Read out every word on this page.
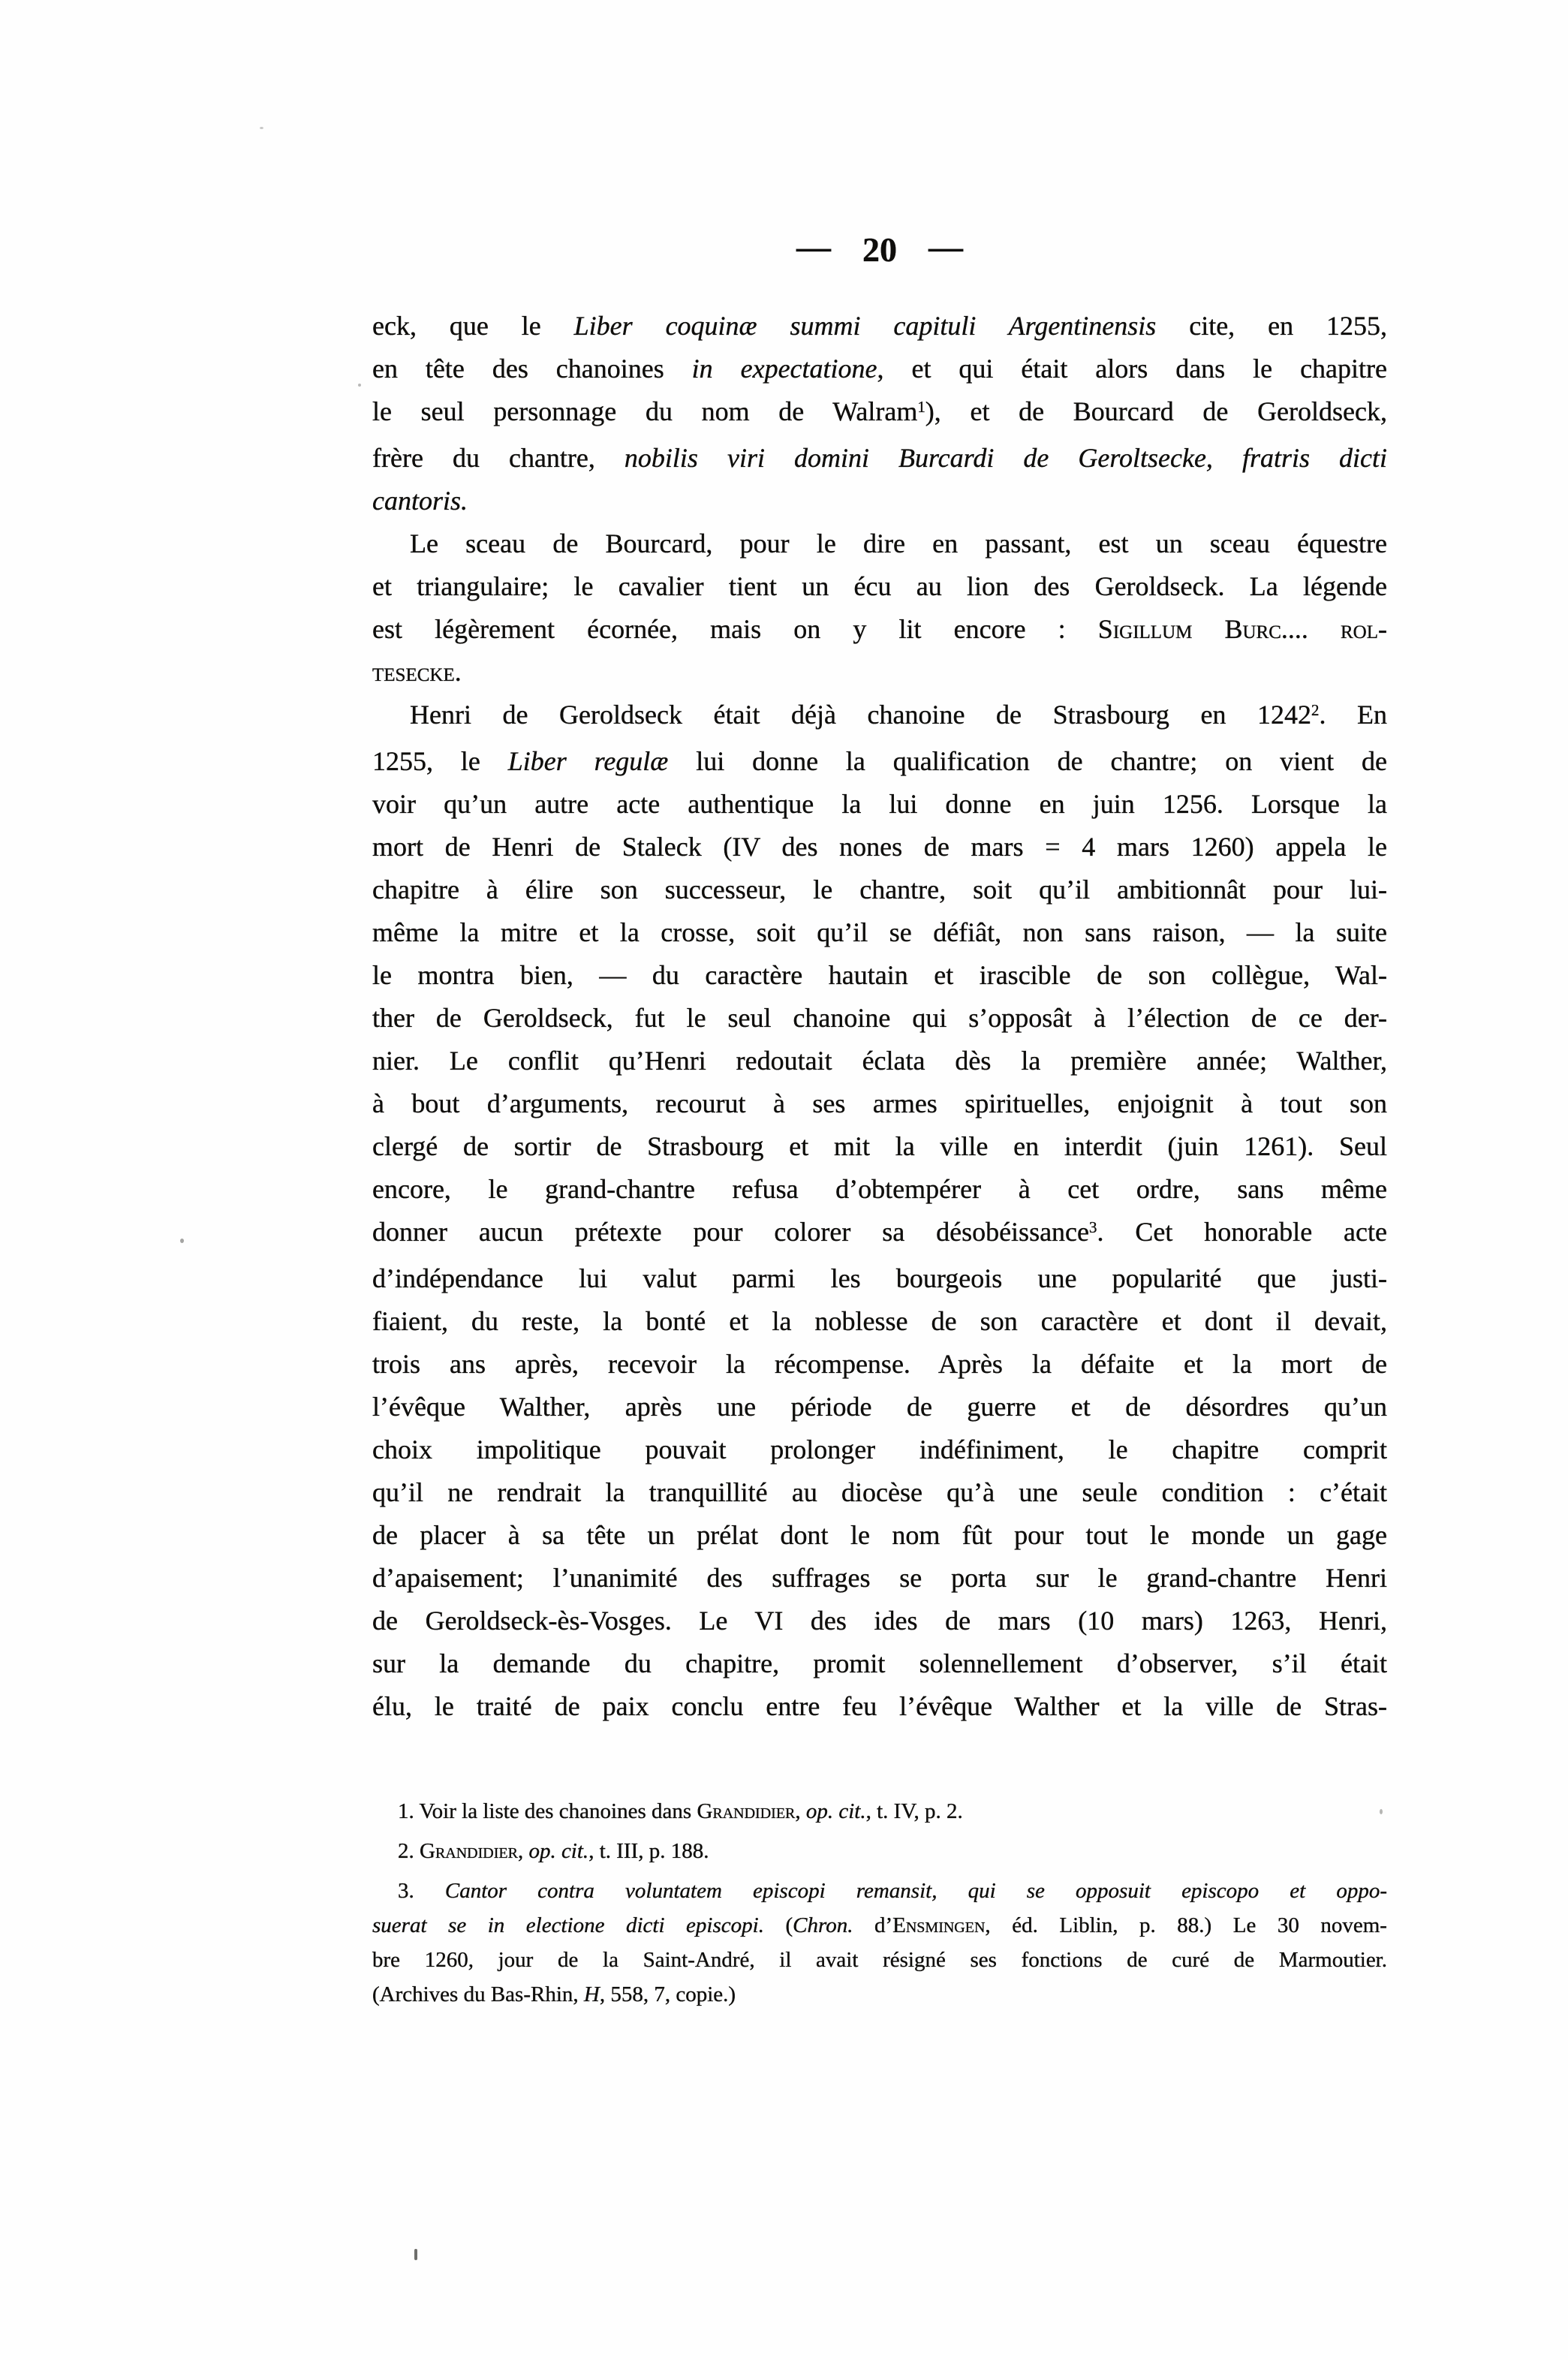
— 20 —
eck, que le Liber coquinæ summi capituli Argentinensis cite, en 1255,
en tête des chanoines in expectatione, et qui était alors dans le chapitre
le seul personnage du nom de Walram$^1$), et de Bourcard de Geroldseck,
frère du chantre, nobilis viri domini Burcardi de Geroltsecke, fratris dicti
cantoris.
Le sceau de Bourcard, pour le dire en passant, est un sceau équestre
et triangulaire; le cavalier tient un écu au lion des Geroldseck. La légende
est légèrement écornée, mais on y lit encore : Sigillum Burc.... rol-
tesecke.
Henri de Geroldseck était déjà chanoine de Strasbourg en 1242$^2$. En
1255, le Liber regulæ lui donne la qualification de chantre; on vient de
voir qu’un autre acte authentique la lui donne en juin 1256. Lorsque la
mort de Henri de Staleck (IV des nones de mars = 4 mars 1260) appela le
chapitre à élire son successeur, le chantre, soit qu’il ambitionnât pour lui-
même la mitre et la crosse, soit qu’il se défiât, non sans raison, — la suite
le montra bien, — du caractère hautain et irascible de son collègue, Wal-
ther de Geroldseck, fut le seul chanoine qui s’opposât à l’élection de ce der-
nier. Le conflit qu’Henri redoutait éclata dès la première année; Walther,
à bout d’arguments, recourut à ses armes spirituelles, enjoignit à tout son
clergé de sortir de Strasbourg et mit la ville en interdit (juin 1261). Seul
encore, le grand-chantre refusa d’obtempérer à cet ordre, sans même
donner aucun prétexte pour colorer sa désobéissance$^3$. Cet honorable acte
d’indépendance lui valut parmi les bourgeois une popularité que justi-
fiaient, du reste, la bonté et la noblesse de son caractère et dont il devait,
trois ans après, recevoir la récompense. Après la défaite et la mort de
l’évêque Walther, après une période de guerre et de désordres qu’un
choix impolitique pouvait prolonger indéfiniment, le chapitre comprit
qu’il ne rendrait la tranquillité au diocèse qu’à une seule condition : c’était
de placer à sa tête un prélat dont le nom fût pour tout le monde un gage
d’apaisement; l’unanimité des suffrages se porta sur le grand-chantre Henri
de Geroldseck-ès-Vosges. Le VI des ides de mars (10 mars) 1263, Henri,
sur la demande du chapitre, promit solennellement d’observer, s’il était
élu, le traité de paix conclu entre feu l’évêque Walther et la ville de Stras-
1. Voir la liste des chanoines dans Grandidier, op. cit., t. IV, p. 2.
2. Grandidier, op. cit., t. III, p. 188.
3. Cantor contra voluntatem episcopi remansit, qui se opposuit episcopo et oppo-
suerat se in electione dicti episcopi. (Chron. d’Ensmingen, éd. Liblin, p. 88.) Le 30 novem-
bre 1260, jour de la Saint-André, il avait résigné ses fonctions de curé de Marmoutier.
(Archives du Bas-Rhin, H, 558, 7, copie.)
